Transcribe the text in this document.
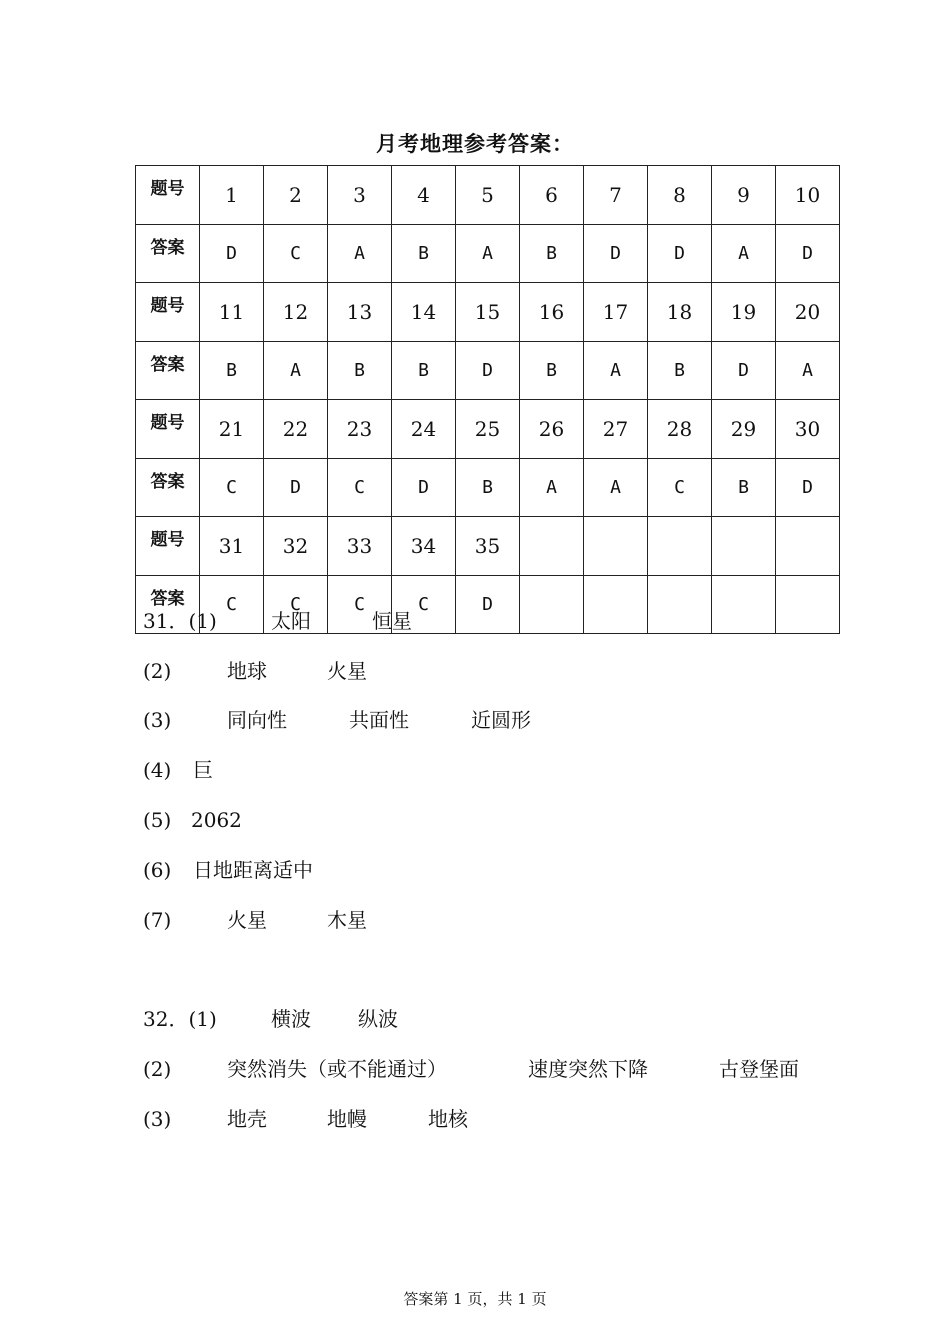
月考地理参考答案：
题号	1	2	3	4	5	6	7	8	9	10
答案	D	C	A	B	A	B	D	D	A	D
题号	11	12	13	14	15	16	17	18	19	20
答案	B	A	B	B	D	B	A	B	D	A
题号	21	22	23	24	25	26	27	28	29	30
答案	C	D	C	D	B	A	A	C	B	D
题号	31	32	33	34	35					
答案	C	C	C	C	D					
31．(1)	太阳	恒星
(2)	地球	火星
(3)	同向性	共面性	近圆形
(4) 巨
(5) 2062
(6) 日地距离适中
(7)	火星	木星
32．(1)	横波 纵波
(2)	突然消失（或不能通过）	速度突然下降	古登堡面
(3)	地壳	地幔	地核
答案第 1 页，共 1 页
